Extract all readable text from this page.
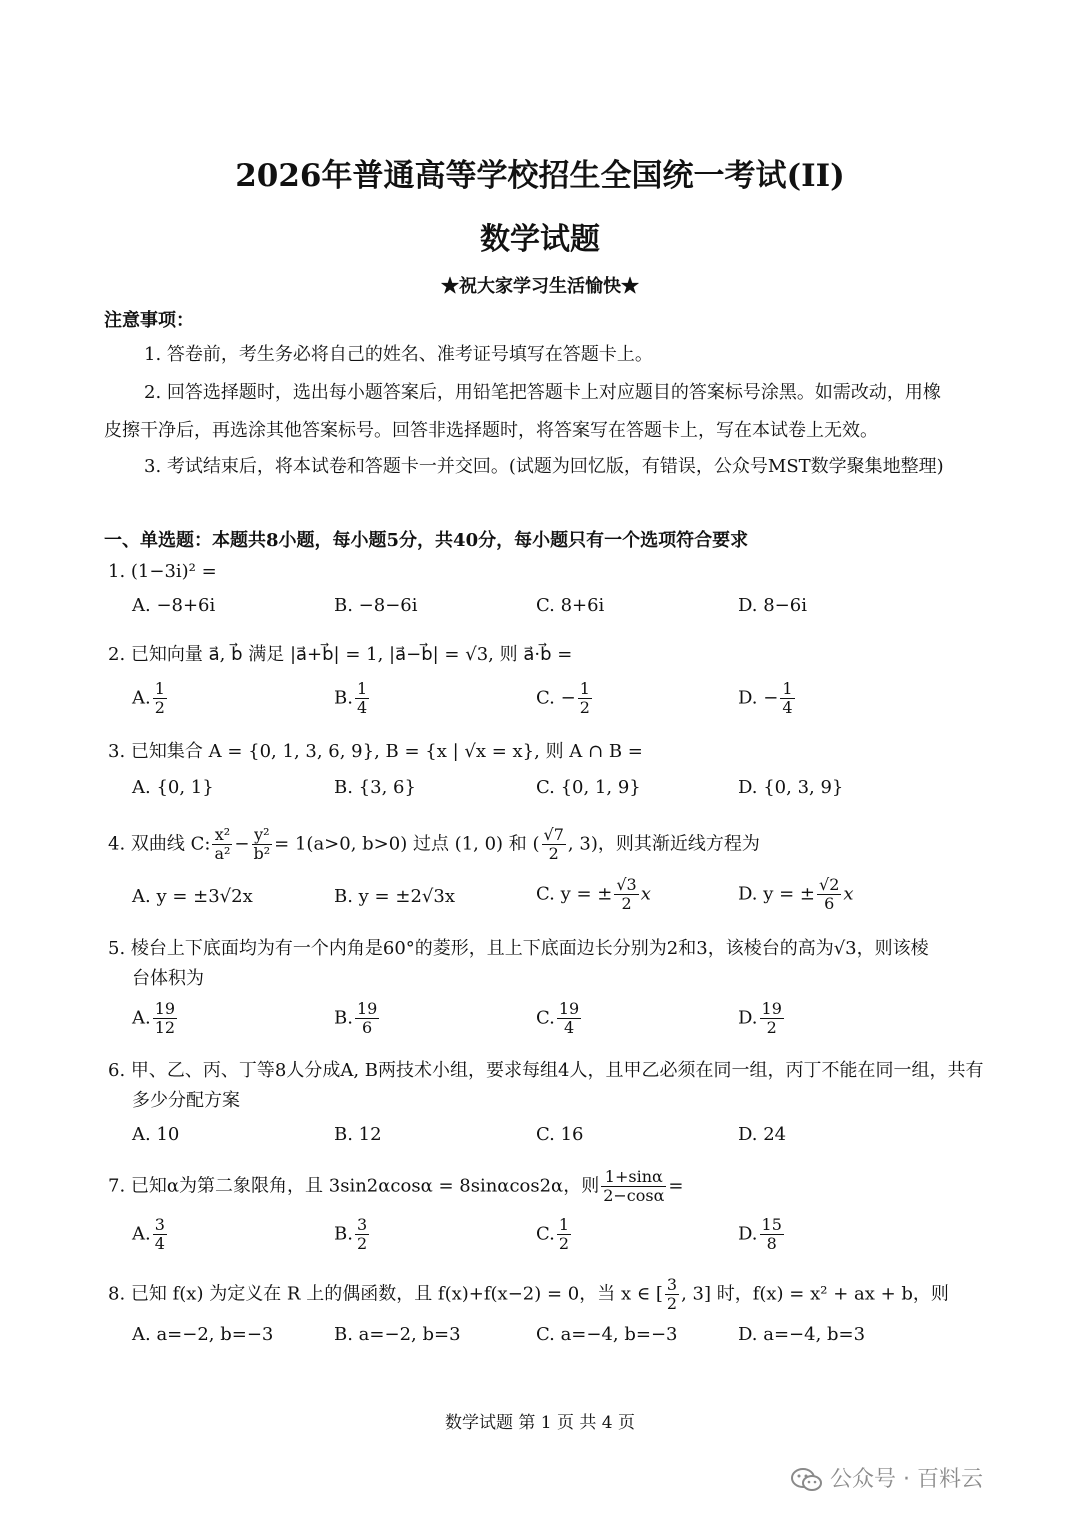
2026年普通高等学校招生全国统一考试(II)
数学试题
★祝大家学习生活愉快★
注意事项：
1. 答卷前，考生务必将自己的姓名、准考证号填写在答题卡上。
2. 回答选择题时，选出每小题答案后，用铅笔把答题卡上对应题目的答案标号涂黑。如需改动，用橡
皮擦干净后，再选涂其他答案标号。回答非选择题时，将答案写在答题卡上，写在本试卷上无效。
3. 考试结束后，将本试卷和答题卡一并交回。(试题为回忆版，有错误，公众号MST数学聚集地整理)
一、单选题：本题共8小题，每小题5分，共40分，每小题只有一个选项符合要求
1. (1−3i)² =
A. −8+6i	B. −8−6i	C. 8+6i	D. 8−6i
2. 已知向量 a⃗, b⃗ 满足 |a⃗+b⃗| = 1, |a⃗−b⃗| = √3, 则 a⃗·b⃗ =
A. $\frac{1}{2}$	B. $\frac{1}{4}$	C. − $\frac{1}{2}$	D. − $\frac{1}{4}$
3. 已知集合 A = {0, 1, 3, 6, 9}, B = {x | √x = x}, 则 A ∩ B =
A. {0, 1}	B. {3, 6}	C. {0, 1, 9}	D. {0, 3, 9}
4. 双曲线 C: $\frac{\text{x²}}{\text{a²}} - \frac{\text{y²}}{\text{b²}} = 1(a>0$, b>0) 过点 (1, 0) 和 ( $\frac{√7}{2}$ , 3)，则其渐近线方程为
A. y = ±3√2x	B. y = ±2√3x	C. y = ± $\frac{√3}{2}$ x	D. y = ± $\frac{√2}{6}$ x
5. 棱台上下底面均为有一个内角是60°的菱形，且上下底面边长分别为2和3，该棱台的高为√3，则该棱
台体积为
A. $\frac{19}{12}$	B. $\frac{19}{6}$	C. $\frac{19}{4}$	D. $\frac{19}{2}$
6. 甲、乙、丙、丁等8人分成A, B两技术小组，要求每组4人，且甲乙必须在同一组，丙丁不能在同一组，共有
多少分配方案
A. 10	B. 12	C. 16	D. 24
7. 已知α为第二象限角，且 3sin2αcosα = 8sinαcos2α，则 $\frac{1+\sin\alpha}{2-\cos\alpha}$ =
A. $\frac{3}{4}$	B. $\frac{3}{2}$	C. $\frac{1}{2}$	D. $\frac{15}{8}$
8. 已知 f(x) 为定义在 R 上的偶函数，且 f(x)+f(x−2) = 0，当 x ∈ [ $\frac{3}{2}$ , 3] 时，f(x) = x² + ax + b，则
A. a=−2, b=−3	B. a=−2, b=3	C. a=−4, b=−3	D. a=−4, b=3
数学试题 第 1 页 共 4 页
公众号 · 百料云
